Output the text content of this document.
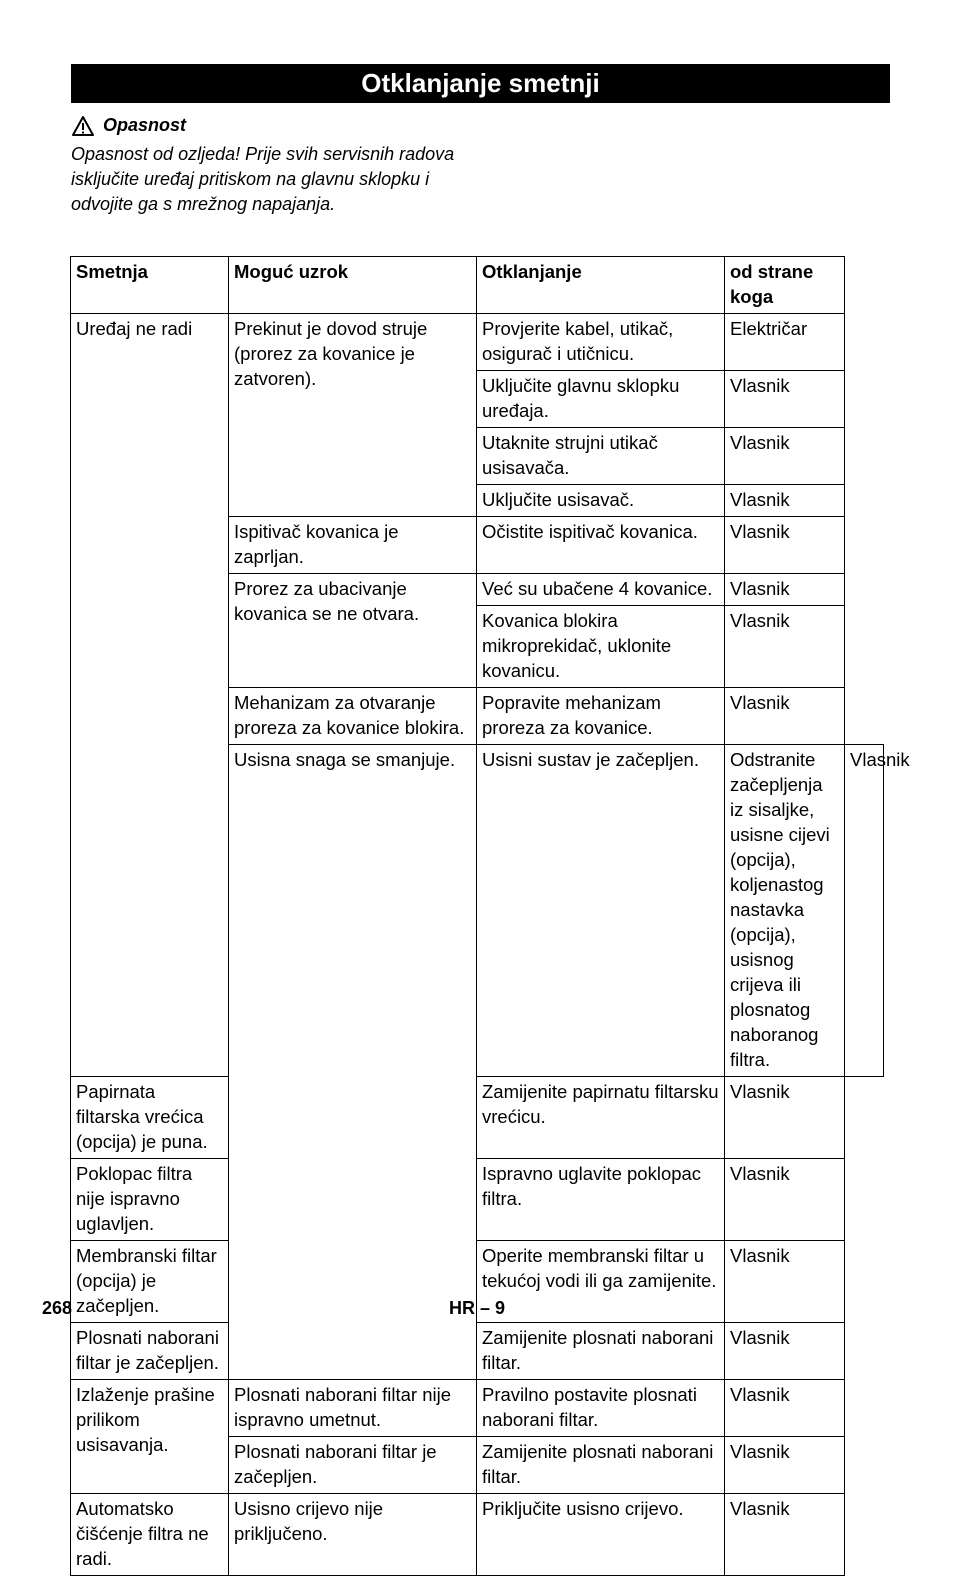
Otklanjanje smetnji
Opasnost
Opasnost od ozljeda! Prije svih servisnih radova isključite uređaj pritiskom na glavnu sklopku i odvojite ga s mrežnog napajanja.
Smetnja	Moguć uzrok	Otklanjanje	od strane koga	
Uređaj ne radi	Prekinut je dovod struje (prorez za kovanice je zatvoren).	Provjerite kabel, utikač, osigurač i utičnicu.	Električar	
		Uključite glavnu sklopku uređaja.	Vlasnik	
		Utaknite strujni utikač usisavača.	Vlasnik	
		Uključite usisavač.	Vlasnik	
	Ispitivač kovanica je zaprljan.	Očistite ispitivač kovanica.	Vlasnik	
	Prorez za ubacivanje kovanica se ne otvara.	Već su ubačene 4 kovanice.	Vlasnik	
		Kovanica blokira mikroprekidač, uklonite kovanicu.	Vlasnik	
	Mehanizam za otvaranje proreza za kovanice blokira.	Popravite mehanizam proreza za kovanice.	Vlasnik	
	Usisna snaga se smanjuje.	Usisni sustav je začepljen.	Odstranite začepljenja iz sisaljke, usisne cijevi (opcija), koljenastog nastavka (opcija), usisnog crijeva ili plosnatog naboranog filtra.	Vlasnik
Papirnata filtarska vrećica (opcija) je puna.		Zamijenite papirnatu filtarsku vrećicu.	Vlasnik	
Poklopac filtra nije ispravno uglavljen.		Ispravno uglavite poklopac filtra.	Vlasnik	
Membranski filtar (opcija) je začepljen.		Operite membranski filtar u tekućoj vodi ili ga zamijenite.	Vlasnik	
Plosnati naborani filtar je začepljen.		Zamijenite plosnati naborani filtar.	Vlasnik	
Izlaženje prašine prilikom usisavanja.	Plosnati naborani filtar nije ispravno umetnut.	Pravilno postavite plosnati naborani filtar.	Vlasnik	
	Plosnati naborani filtar je začepljen.	Zamijenite plosnati naborani filtar.	Vlasnik	
Automatsko čišćenje filtra ne radi.	Usisno crijevo nije priključeno.	Priključite usisno crijevo.	Vlasnik	
268	HR – 9
